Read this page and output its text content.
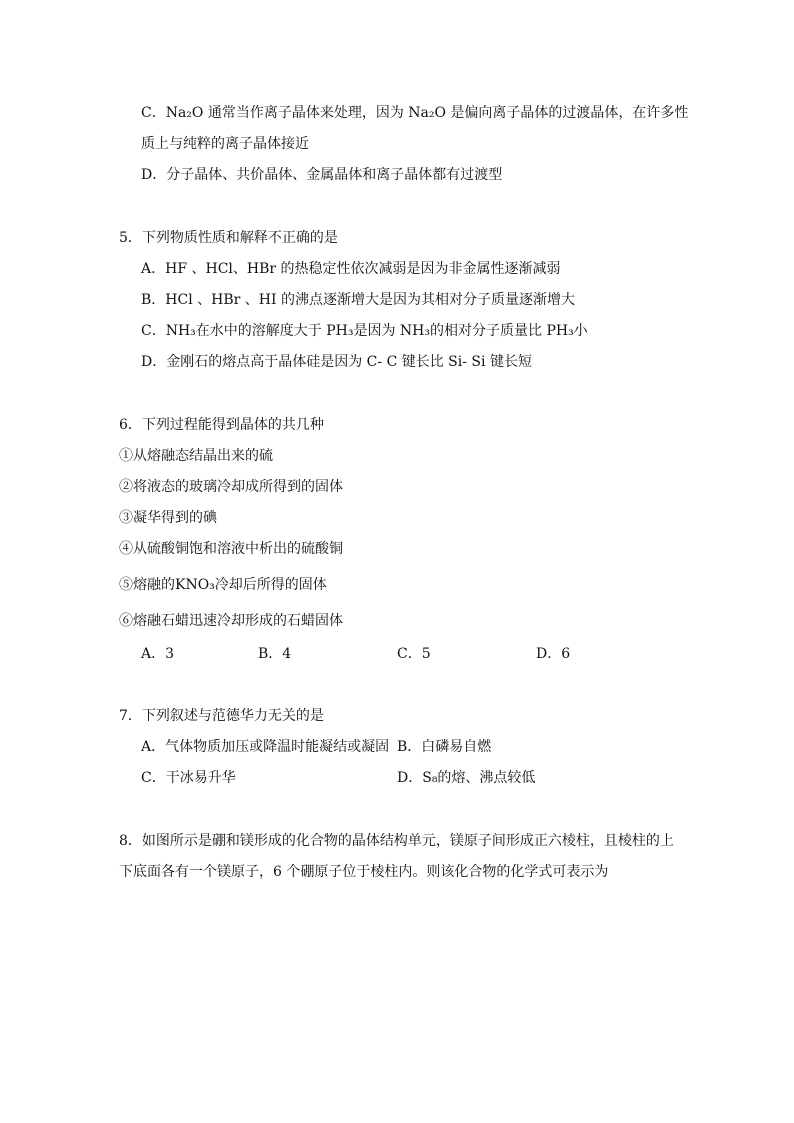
C．Na₂O 通常当作离子晶体来处理，因为 Na₂O 是偏向离子晶体的过渡晶体，在许多性
质上与纯粹的离子晶体接近
D．分子晶体、共价晶体、金属晶体和离子晶体都有过渡型
5．下列物质性质和解释不正确的是
A．HF 、HCl、HBr 的热稳定性依次减弱是因为非金属性逐渐减弱
B．HCl 、HBr 、HI 的沸点逐渐增大是因为其相对分子质量逐渐增大
C．NH₃在水中的溶解度大于 PH₃是因为 NH₃的相对分子质量比 PH₃小
D．金刚石的熔点高于晶体硅是因为 C- C 键长比 Si- Si 键长短
6．下列过程能得到晶体的共几种
①从熔融态结晶出来的硫
②将液态的玻璃冷却成所得到的固体
③凝华得到的碘
④从硫酸铜饱和溶液中析出的硫酸铜
⑤熔融的KNO₃冷却后所得的固体
⑥熔融石蜡迅速冷却形成的石蜡固体
A．3	B．4	C．5	D．6
7．下列叙述与范德华力无关的是
A．气体物质加压或降温时能凝结或凝固 B．白磷易自燃
C．干冰易升华	D．S₈的熔、沸点较低
8．如图所示是硼和镁形成的化合物的晶体结构单元，镁原子间形成正六棱柱，且棱柱的上
下底面各有一个镁原子，6 个硼原子位于棱柱内。则该化合物的化学式可表示为
